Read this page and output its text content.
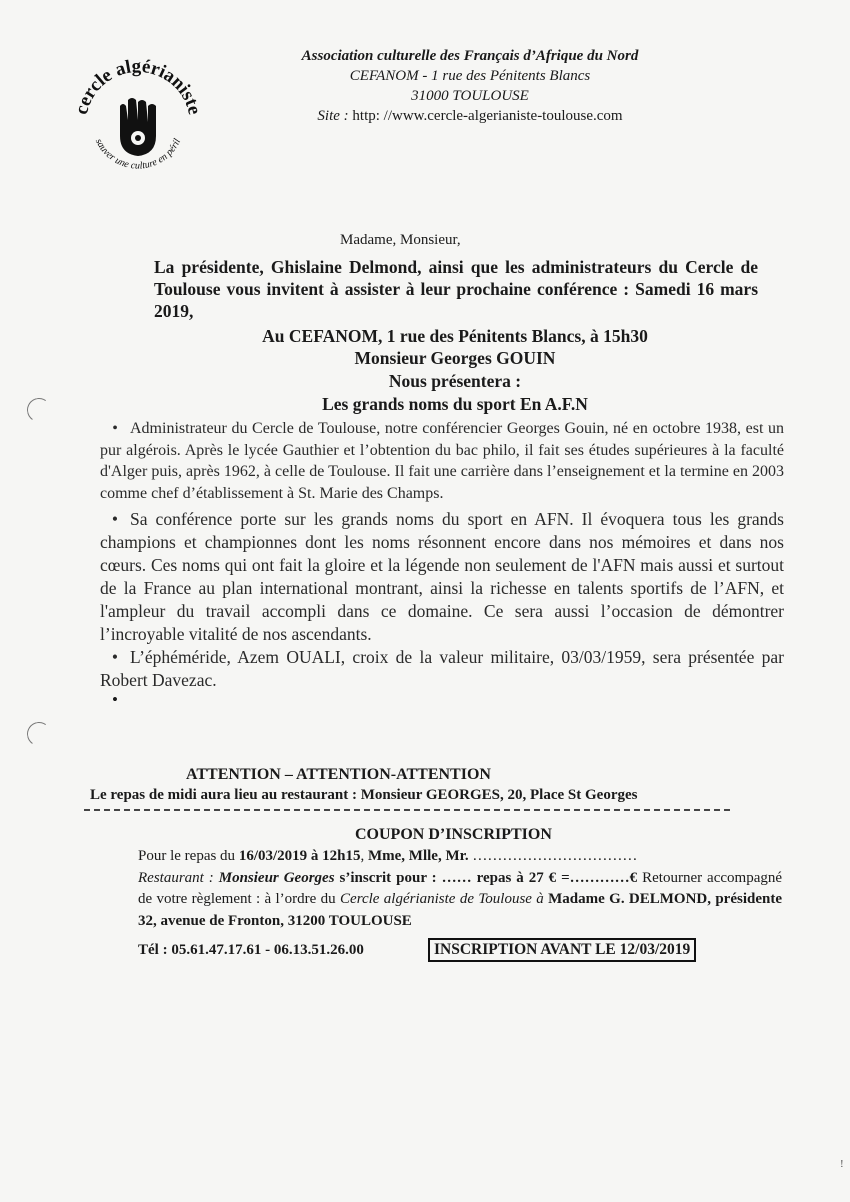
cercle algérianiste
sauver une culture en péril
Association culturelle des Français d’Afrique du Nord
CEFANOM - 1 rue des Pénitents Blancs
31000 TOULOUSE
Site : http: //www.cercle-algerianiste-toulouse.com
Madame, Monsieur,
La présidente, Ghislaine Delmond, ainsi que les administrateurs du Cercle de Toulouse vous invitent à assister à leur prochaine conférence : Samedi 16 mars 2019,
Au CEFANOM, 1 rue des Pénitents Blancs, à 15h30
Monsieur Georges GOUIN
Nous présentera :
Les grands noms du sport En A.F.N
• Administrateur du Cercle de Toulouse, notre conférencier Georges Gouin, né en octobre 1938, est un pur algérois. Après le lycée Gauthier et l’obtention du bac philo, il fait ses études supérieures à la faculté d'Alger puis, après 1962, à celle de Toulouse. Il fait une carrière dans l’enseignement et la termine en 2003 comme chef d’établissement à St. Marie des Champs.
• Sa conférence porte sur les grands noms du sport en AFN. Il évoquera tous les grands champions et championnes dont les noms résonnent encore dans nos mémoires et dans nos cœurs. Ces noms qui ont fait la gloire et la légende non seulement de l'AFN mais aussi et surtout de la France au plan international montrant, ainsi la richesse en talents sportifs de l’AFN, et l'ampleur du travail accompli dans ce domaine. Ce sera aussi l’occasion de démontrer l’incroyable vitalité de nos ascendants.
• L’éphéméride, Azem OUALI, croix de la valeur militaire, 03/03/1959, sera présentée par Robert Davezac.
•
ATTENTION – ATTENTION-ATTENTION
Le repas de midi aura lieu au restaurant : Monsieur GEORGES, 20, Place St Georges
COUPON D’INSCRIPTION
Pour le repas du 16/03/2019 à 12h15, Mme, Mlle, Mr. ……………………………
Restaurant : Monsieur Georges s’inscrit pour : …… repas à 27 € =…………€ Retourner accompagné de votre règlement : à l’ordre du Cercle algérianiste de Toulouse à Madame G. DELMOND, présidente 32, avenue de Fronton, 31200 TOULOUSE
Tél : 05.61.47.17.61 - 06.13.51.26.00	INSCRIPTION AVANT LE 12/03/2019
!
